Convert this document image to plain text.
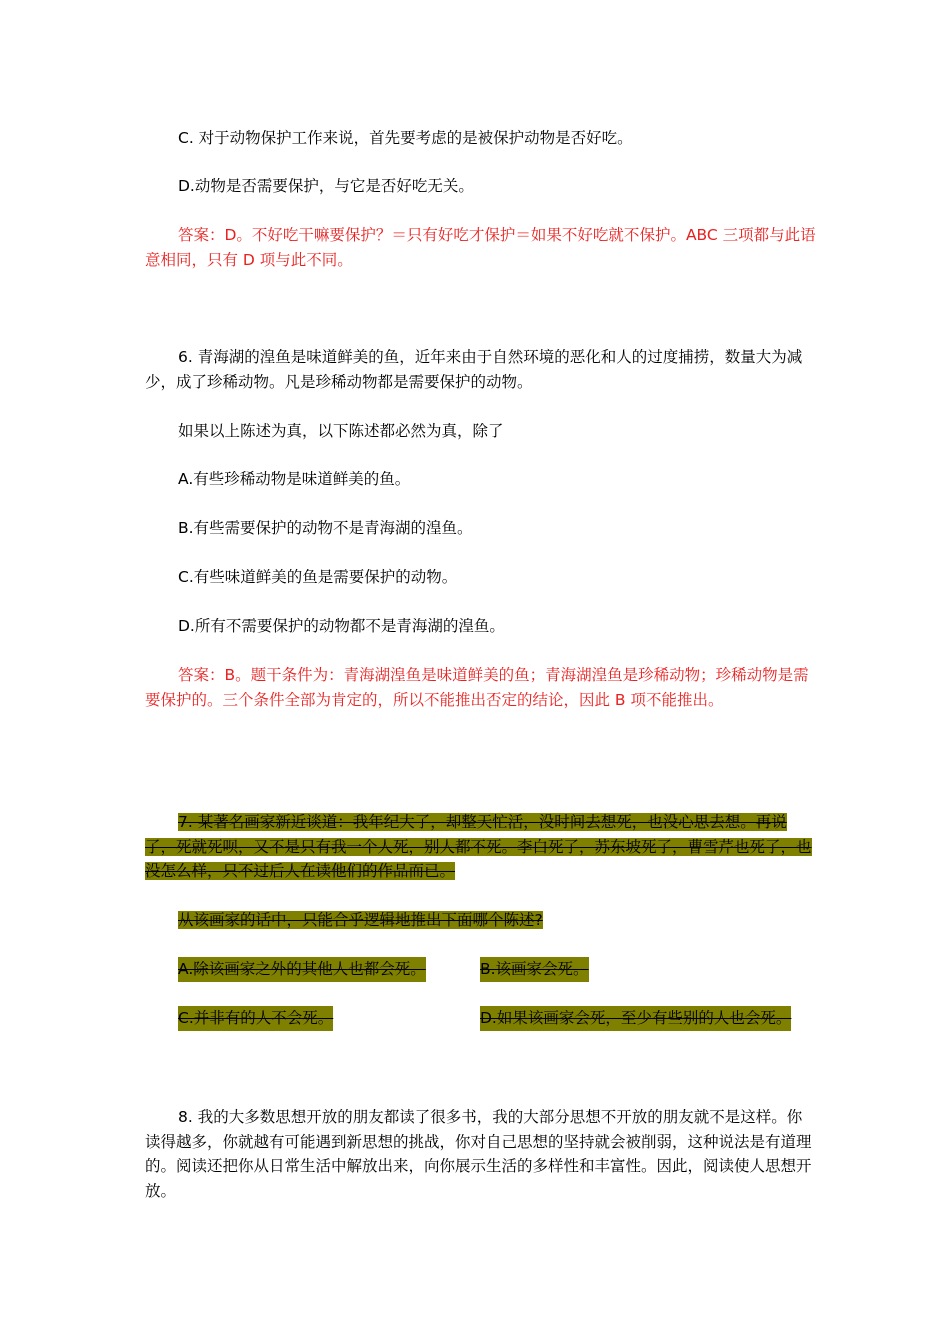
C. 对于动物保护工作来说，首先要考虑的是被保护动物是否好吃。

D.动物是否需要保护，与它是否好吃无关。

答案：D。不好吃干嘛要保护？＝只有好吃才保护＝如果不好吃就不保护。ABC 三项都与此语意相同，只有 D 项与此不同。

6. 青海湖的湟鱼是味道鲜美的鱼，近年来由于自然环境的恶化和人的过度捕捞，数量大为减少，成了珍稀动物。凡是珍稀动物都是需要保护的动物。

如果以上陈述为真，以下陈述都必然为真，除了

A.有些珍稀动物是味道鲜美的鱼。

B.有些需要保护的动物不是青海湖的湟鱼。

C.有些味道鲜美的鱼是需要保护的动物。

D.所有不需要保护的动物都不是青海湖的湟鱼。

答案：B。题干条件为：青海湖湟鱼是味道鲜美的鱼；青海湖湟鱼是珍稀动物；珍稀动物是需要保护的。三个条件全部为肯定的，所以不能推出否定的结论，因此 B 项不能推出。

7. 某著名画家新近谈道：我年纪大了，却整天忙活，没时间去想死，也没心思去想。再说了，死就死呗，又不是只有我一个人死，别人都不死。李白死了，苏东坡死了，曹雪芹也死了，也没怎么样，只不过后人在读他们的作品而已。

从该画家的话中，只能合乎逻辑地推出下面哪个陈述?

A.除该画家之外的其他人也都会死。	B.该画家会死。
C.并非有的人不会死。	D.如果该画家会死，至少有些别的人也会死。

8. 我的大多数思想开放的朋友都读了很多书，我的大部分思想不开放的朋友就不是这样。你读得越多，你就越有可能遇到新思想的挑战，你对自己思想的坚持就会被削弱，这种说法是有道理的。阅读还把你从日常生活中解放出来，向你展示生活的多样性和丰富性。因此，阅读使人思想开放。
